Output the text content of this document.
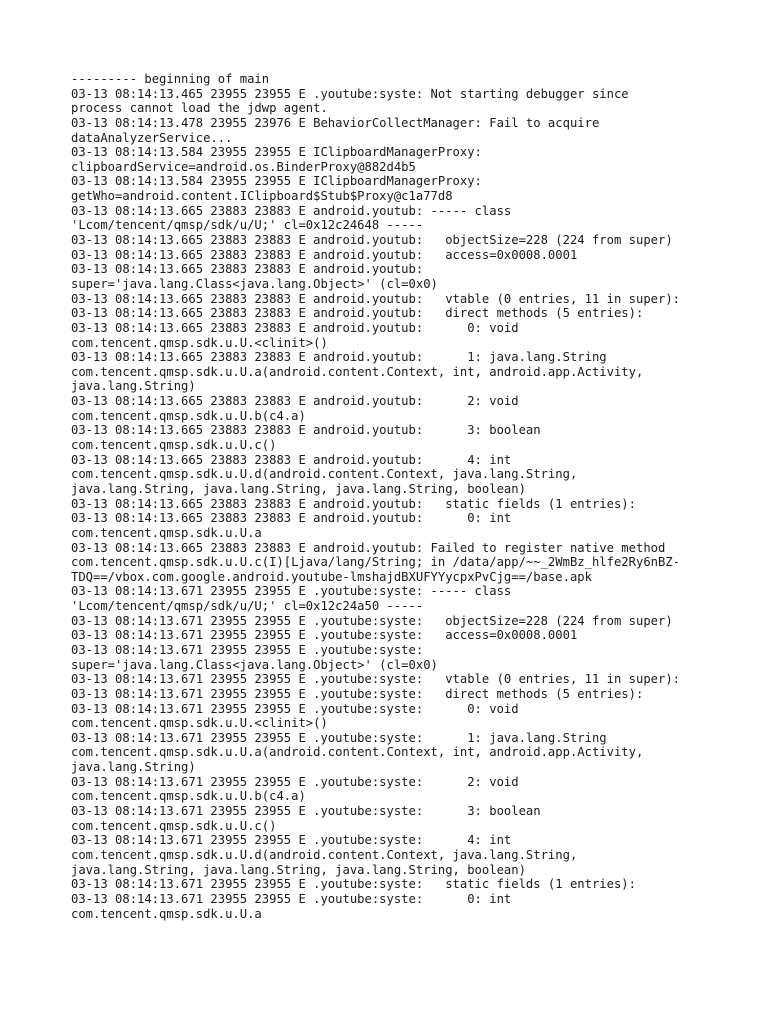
--------- beginning of main
03-13 08:14:13.465 23955 23955 E .youtube:syste: Not starting debugger since
process cannot load the jdwp agent.
03-13 08:14:13.478 23955 23976 E BehaviorCollectManager: Fail to acquire
dataAnalyzerService...
03-13 08:14:13.584 23955 23955 E IClipboardManagerProxy:
clipboardService=android.os.BinderProxy@882d4b5
03-13 08:14:13.584 23955 23955 E IClipboardManagerProxy:
getWho=android.content.IClipboard$Stub$Proxy@c1a77d8
03-13 08:14:13.665 23883 23883 E android.youtub: ----- class
'Lcom/tencent/qmsp/sdk/u/U;' cl=0x12c24648 -----
03-13 08:14:13.665 23883 23883 E android.youtub:   objectSize=228 (224 from super)
03-13 08:14:13.665 23883 23883 E android.youtub:   access=0x0008.0001
03-13 08:14:13.665 23883 23883 E android.youtub:
super='java.lang.Class<java.lang.Object>' (cl=0x0)
03-13 08:14:13.665 23883 23883 E android.youtub:   vtable (0 entries, 11 in super):
03-13 08:14:13.665 23883 23883 E android.youtub:   direct methods (5 entries):
03-13 08:14:13.665 23883 23883 E android.youtub:      0: void
com.tencent.qmsp.sdk.u.U.<clinit>()
03-13 08:14:13.665 23883 23883 E android.youtub:      1: java.lang.String
com.tencent.qmsp.sdk.u.U.a(android.content.Context, int, android.app.Activity,
java.lang.String)
03-13 08:14:13.665 23883 23883 E android.youtub:      2: void
com.tencent.qmsp.sdk.u.U.b(c4.a)
03-13 08:14:13.665 23883 23883 E android.youtub:      3: boolean
com.tencent.qmsp.sdk.u.U.c()
03-13 08:14:13.665 23883 23883 E android.youtub:      4: int
com.tencent.qmsp.sdk.u.U.d(android.content.Context, java.lang.String,
java.lang.String, java.lang.String, java.lang.String, boolean)
03-13 08:14:13.665 23883 23883 E android.youtub:   static fields (1 entries):
03-13 08:14:13.665 23883 23883 E android.youtub:      0: int
com.tencent.qmsp.sdk.u.U.a
03-13 08:14:13.665 23883 23883 E android.youtub: Failed to register native method
com.tencent.qmsp.sdk.u.U.c(I)[Ljava/lang/String; in /data/app/~~_2WmBz_hlfe2Ry6nBZ-
TDQ==/vbox.com.google.android.youtube-lmshajdBXUFYYycpxPvCjg==/base.apk
03-13 08:14:13.671 23955 23955 E .youtube:syste: ----- class
'Lcom/tencent/qmsp/sdk/u/U;' cl=0x12c24a50 -----
03-13 08:14:13.671 23955 23955 E .youtube:syste:   objectSize=228 (224 from super)
03-13 08:14:13.671 23955 23955 E .youtube:syste:   access=0x0008.0001
03-13 08:14:13.671 23955 23955 E .youtube:syste:
super='java.lang.Class<java.lang.Object>' (cl=0x0)
03-13 08:14:13.671 23955 23955 E .youtube:syste:   vtable (0 entries, 11 in super):
03-13 08:14:13.671 23955 23955 E .youtube:syste:   direct methods (5 entries):
03-13 08:14:13.671 23955 23955 E .youtube:syste:      0: void
com.tencent.qmsp.sdk.u.U.<clinit>()
03-13 08:14:13.671 23955 23955 E .youtube:syste:      1: java.lang.String
com.tencent.qmsp.sdk.u.U.a(android.content.Context, int, android.app.Activity,
java.lang.String)
03-13 08:14:13.671 23955 23955 E .youtube:syste:      2: void
com.tencent.qmsp.sdk.u.U.b(c4.a)
03-13 08:14:13.671 23955 23955 E .youtube:syste:      3: boolean
com.tencent.qmsp.sdk.u.U.c()
03-13 08:14:13.671 23955 23955 E .youtube:syste:      4: int
com.tencent.qmsp.sdk.u.U.d(android.content.Context, java.lang.String,
java.lang.String, java.lang.String, java.lang.String, boolean)
03-13 08:14:13.671 23955 23955 E .youtube:syste:   static fields (1 entries):
03-13 08:14:13.671 23955 23955 E .youtube:syste:      0: int
com.tencent.qmsp.sdk.u.U.a
